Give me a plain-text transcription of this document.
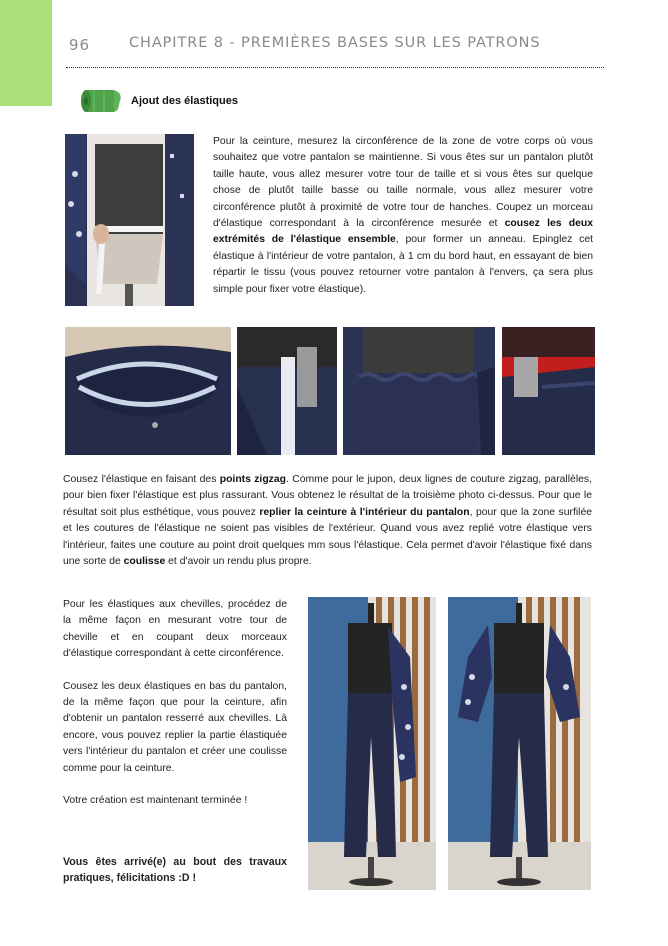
96	CHAPITRE 8 - PREMIÈRES BASES SUR LES PATRONS
Ajout des élastiques

Pour la ceinture, mesurez la circonférence de la zone de votre corps où vous souhaitez que votre pantalon se maintienne. Si vous êtes sur un pantalon plutôt taille haute, vous allez mesurer votre tour de taille et si vous êtes sur quelque chose de plutôt taille basse ou taille normale, vous allez mesurer votre circonférence plutôt à proximité de votre tour de hanches. Coupez un morceau d'élastique correspondant à la circonférence mesurée et cousez les deux extrémités de l'élastique ensemble, pour former un anneau. Epinglez cet élastique à l'intérieur de votre pantalon, à 1 cm du bord haut, en essayant de bien répartir le tissu (vous pouvez retourner votre pantalon à l'envers, ça sera plus simple pour fixer votre élastique).

Cousez l'élastique en faisant des points zigzag. Comme pour le jupon, deux lignes de couture zigzag, parallèles, pour bien fixer l'élastique est plus rassurant. Vous obtenez le résultat de la troisième photo ci-dessus. Pour que le résultat soit plus esthétique, vous pouvez replier la ceinture à l'intérieur du pantalon, pour que la zone surfilée et les coutures de l'élastique ne soient pas visibles de l'extérieur. Quand vous avez replié votre élastique vers l'intérieur, faites une couture au point droit quelques mm sous l'élastique. Cela permet d'avoir l'élastique fixé dans une sorte de coulisse et d'avoir un rendu plus propre.

Pour les élastiques aux chevilles, procédez de la même façon en mesurant votre tour de cheville et en coupant deux morceaux d'élastique correspondant à cette circonférence.

Cousez les deux élastiques en bas du pantalon, de la même façon que pour la ceinture, afin d'obtenir un pantalon resserré aux chevilles. Là encore, vous pouvez replier la partie élastiquée vers l'intérieur du pantalon et créer une coulisse comme pour la ceinture.

Votre création est maintenant terminée !

Vous êtes arrivé(e) au bout des travaux pratiques, félicitations :D !
